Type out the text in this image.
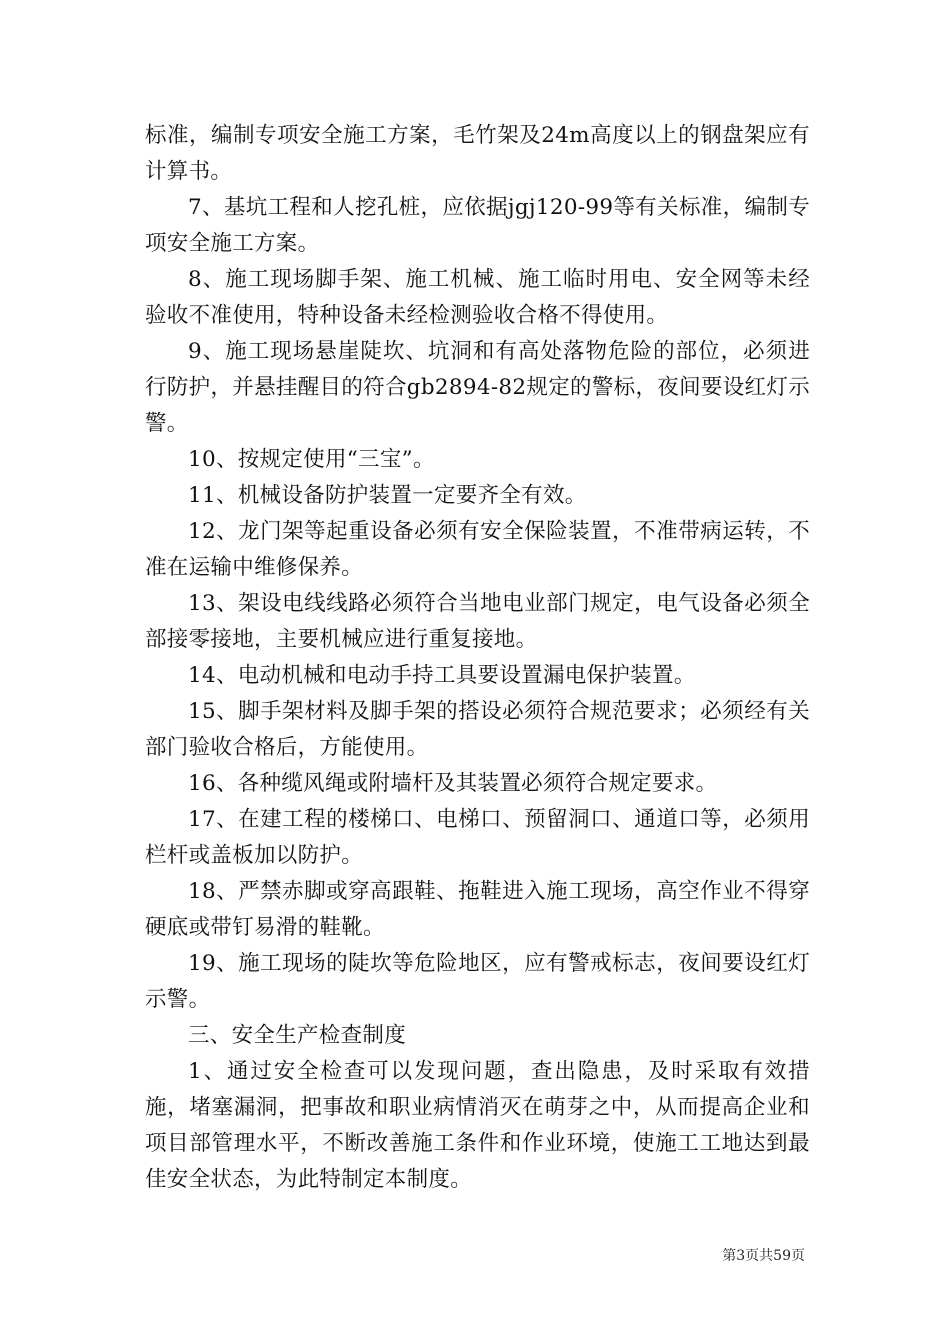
标准，编制专项安全施工方案，毛竹架及24m高度以上的钢盘架应有计算书。

7、基坑工程和人挖孔桩，应依据jgj120-99等有关标准，编制专项安全施工方案。

8、施工现场脚手架、施工机械、施工临时用电、安全网等未经验收不准使用，特种设备未经检测验收合格不得使用。

9、施工现场悬崖陡坎、坑洞和有高处落物危险的部位，必须进行防护，并悬挂醒目的符合gb2894-82规定的警标，夜间要设红灯示警。

10、按规定使用“三宝”。

11、机械设备防护装置一定要齐全有效。

12、龙门架等起重设备必须有安全保险装置，不准带病运转，不准在运输中维修保养。

13、架设电线线路必须符合当地电业部门规定，电气设备必须全部接零接地，主要机械应进行重复接地。

14、电动机械和电动手持工具要设置漏电保护装置。

15、脚手架材料及脚手架的搭设必须符合规范要求；必须经有关部门验收合格后，方能使用。

16、各种缆风绳或附墙杆及其装置必须符合规定要求。

17、在建工程的楼梯口、电梯口、预留洞口、通道口等，必须用栏杆或盖板加以防护。

18、严禁赤脚或穿高跟鞋、拖鞋进入施工现场，高空作业不得穿硬底或带钉易滑的鞋靴。

19、施工现场的陡坎等危险地区，应有警戒标志，夜间要设红灯示警。

三、安全生产检查制度

1、通过安全检查可以发现问题，查出隐患，及时采取有效措施，堵塞漏洞，把事故和职业病情消灭在萌芽之中，从而提高企业和项目部管理水平，不断改善施工条件和作业环境，使施工工地达到最佳安全状态，为此特制定本制度。

第3页共59页
